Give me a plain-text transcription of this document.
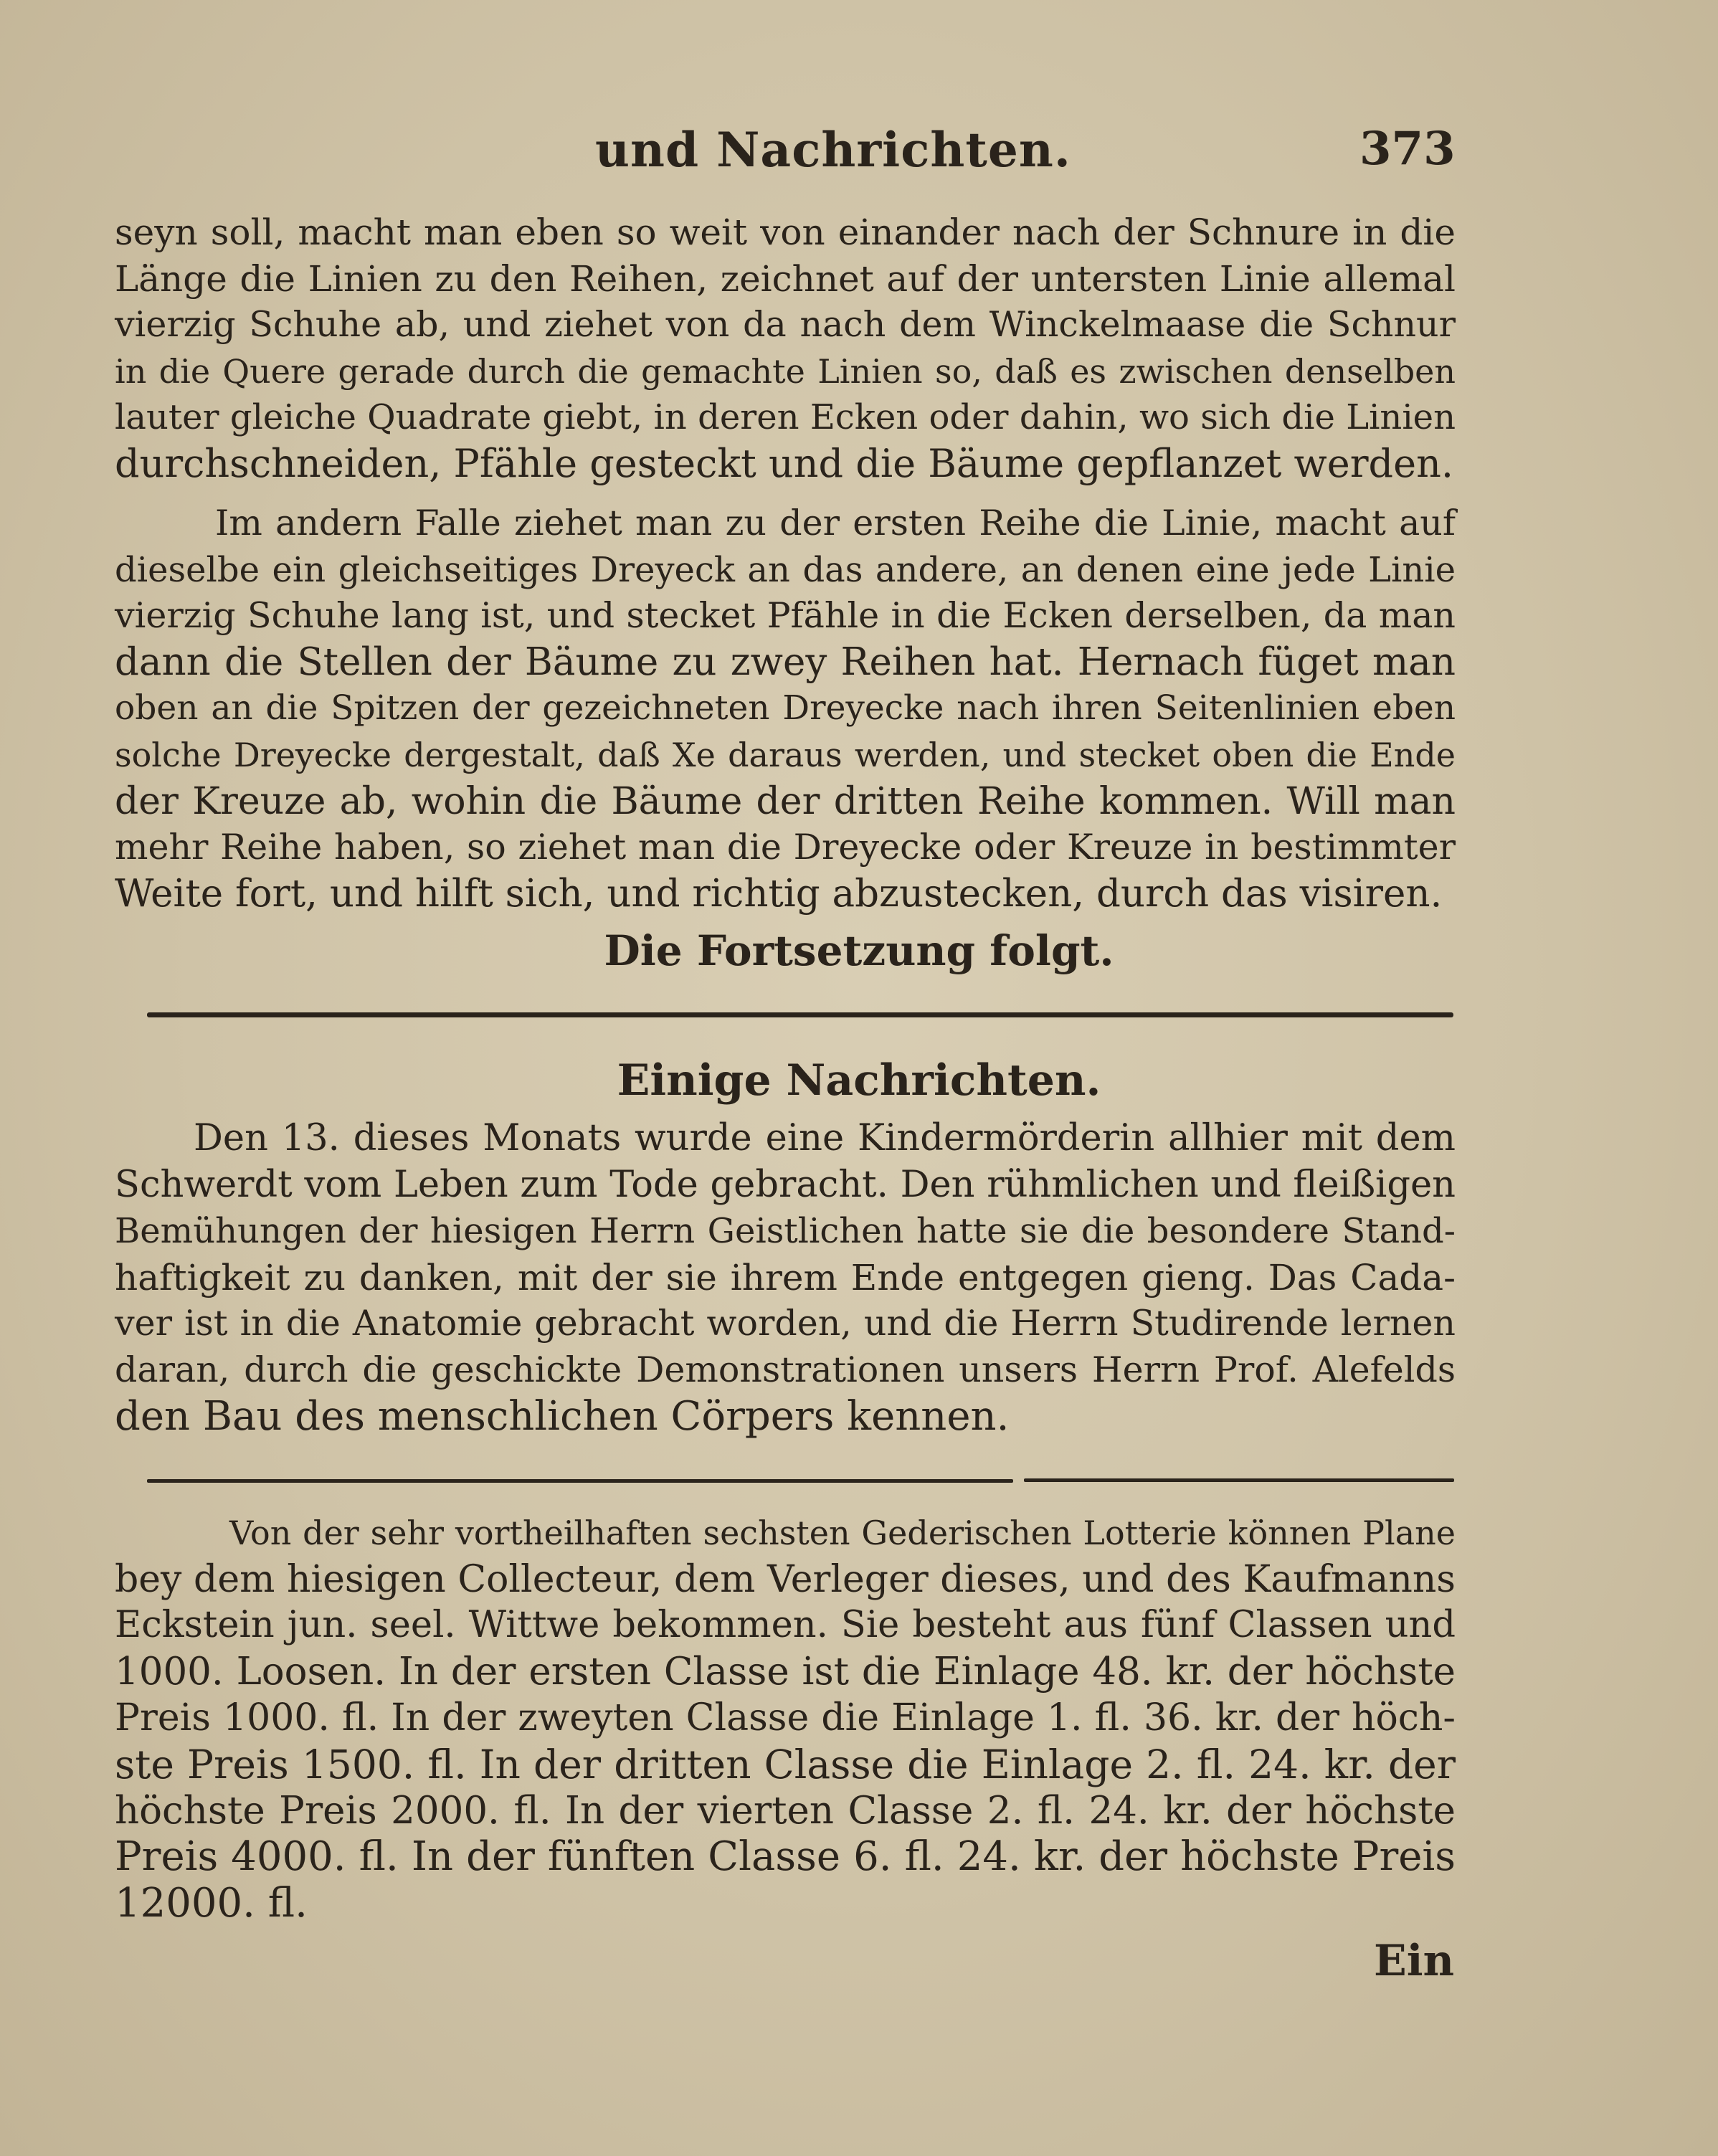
und Nachrichten.	373
seyn soll, macht man eben so weit von einander nach der Schnure in die
Länge die Linien zu den Reihen, zeichnet auf der untersten Linie allemal
vierzig Schuhe ab, und ziehet von da nach dem Winckelmaase die Schnur
in die Quere gerade durch die gemachte Linien so, daß es zwischen denselben
lauter gleiche Quadrate giebt, in deren Ecken oder dahin, wo sich die Linien
durchschneiden, Pfähle gesteckt und die Bäume gepflanzet werden.
Im andern Falle ziehet man zu der ersten Reihe die Linie, macht auf
dieselbe ein gleichseitiges Dreyeck an das andere, an denen eine jede Linie
vierzig Schuhe lang ist, und stecket Pfähle in die Ecken derselben, da man
dann die Stellen der Bäume zu zwey Reihen hat. Hernach füget man
oben an die Spitzen der gezeichneten Dreyecke nach ihren Seitenlinien eben
solche Dreyecke dergestalt, daß Xe daraus werden, und stecket oben die Ende
der Kreuze ab, wohin die Bäume der dritten Reihe kommen. Will man
mehr Reihe haben, so ziehet man die Dreyecke oder Kreuze in bestimmter
Weite fort, und hilft sich, und richtig abzustecken, durch das visiren.
Die Fortsetzung folgt.
Einige Nachrichten.
Den 13. dieses Monats wurde eine Kindermörderin allhier mit dem
Schwerdt vom Leben zum Tode gebracht. Den rühmlichen und fleißigen
Bemühungen der hiesigen Herrn Geistlichen hatte sie die besondere Stand-
haftigkeit zu danken, mit der sie ihrem Ende entgegen gieng. Das Cada-
ver ist in die Anatomie gebracht worden, und die Herrn Studirende lernen
daran, durch die geschickte Demonstrationen unsers Herrn Prof. Alefelds
den Bau des menschlichen Cörpers kennen.
Von der sehr vortheilhaften sechsten Gederischen Lotterie können Plane
bey dem hiesigen Collecteur, dem Verleger dieses, und des Kaufmanns
Eckstein jun. seel. Wittwe bekommen. Sie besteht aus fünf Classen und
1000. Loosen. In der ersten Classe ist die Einlage 48. kr. der höchste
Preis 1000. fl. In der zweyten Classe die Einlage 1. fl. 36. kr. der höch-
ste Preis 1500. fl. In der dritten Classe die Einlage 2. fl. 24. kr. der
höchste Preis 2000. fl. In der vierten Classe 2. fl. 24. kr. der höchste
Preis 4000. fl. In der fünften Classe 6. fl. 24. kr. der höchste Preis
12000. fl.
Ein
